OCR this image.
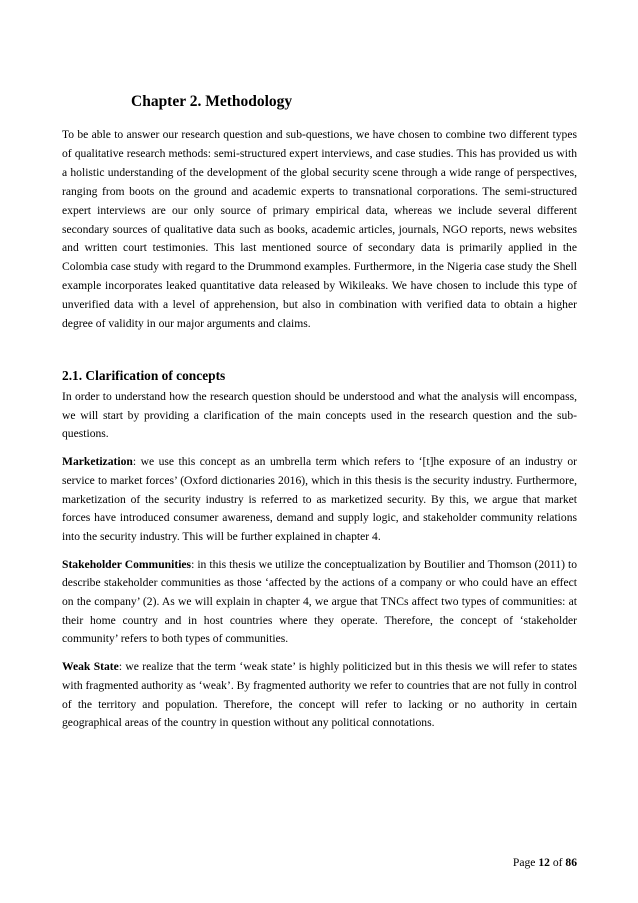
Chapter 2. Methodology

To be able to answer our research question and sub-questions, we have chosen to combine two different types of qualitative research methods: semi-structured expert interviews, and case studies. This has provided us with a holistic understanding of the development of the global security scene through a wide range of perspectives, ranging from boots on the ground and academic experts to transnational corporations. The semi-structured expert interviews are our only source of primary empirical data, whereas we include several different secondary sources of qualitative data such as books, academic articles, journals, NGO reports, news websites and written court testimonies. This last mentioned source of secondary data is primarily applied in the Colombia case study with regard to the Drummond examples. Furthermore, in the Nigeria case study the Shell example incorporates leaked quantitative data released by Wikileaks. We have chosen to include this type of unverified data with a level of apprehension, but also in combination with verified data to obtain a higher degree of validity in our major arguments and claims.

2.1. Clarification of concepts

In order to understand how the research question should be understood and what the analysis will encompass, we will start by providing a clarification of the main concepts used in the research question and the sub-questions.

Marketization: we use this concept as an umbrella term which refers to ‘[t]he exposure of an industry or service to market forces’ (Oxford dictionaries 2016), which in this thesis is the security industry. Furthermore, marketization of the security industry is referred to as marketized security. By this, we argue that market forces have introduced consumer awareness, demand and supply logic, and stakeholder community relations into the security industry. This will be further explained in chapter 4.

Stakeholder Communities: in this thesis we utilize the conceptualization by Boutilier and Thomson (2011) to describe stakeholder communities as those ‘affected by the actions of a company or who could have an effect on the company’ (2). As we will explain in chapter 4, we argue that TNCs affect two types of communities: at their home country and in host countries where they operate. Therefore, the concept of ‘stakeholder community’ refers to both types of communities.

Weak State: we realize that the term ‘weak state’ is highly politicized but in this thesis we will refer to states with fragmented authority as ‘weak’. By fragmented authority we refer to countries that are not fully in control of the territory and population. Therefore, the concept will refer to lacking or no authority in certain geographical areas of the country in question without any political connotations.

Page 12 of 86
